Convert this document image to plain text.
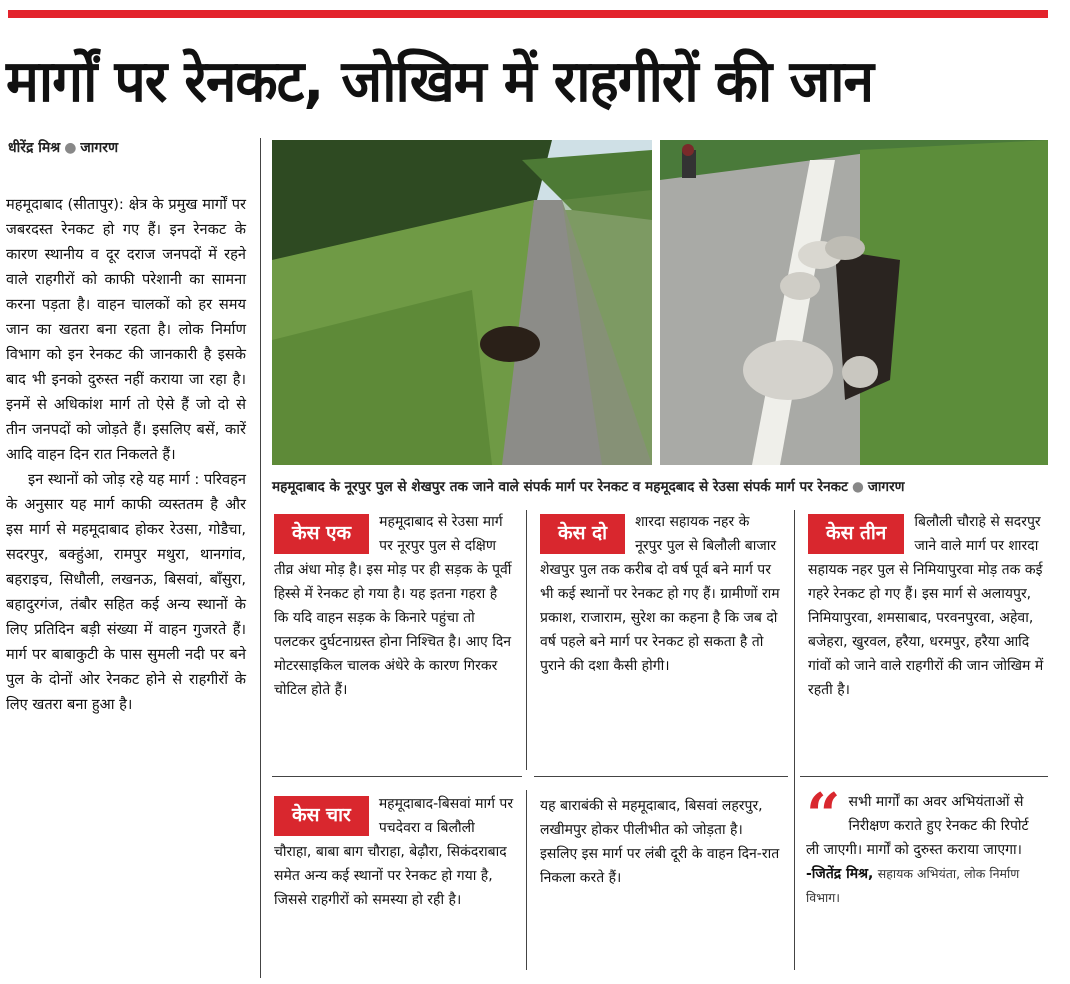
मार्गों पर रेनकट, जोखिम में राहगीरों की जान
धीरेंद्र मिश्र ● जागरण

महमूदाबाद (सीतापुर): क्षेत्र के प्रमुख मार्गों पर जबरदस्त रेनकट हो गए हैं। इन रेनकट के कारण स्थानीय व दूर दराज जनपदों में रहने वाले राहगीरों को काफी परेशानी का सामना करना पड़ता है। वाहन चालकों को हर समय जान का खतरा बना रहता है। लोक निर्माण विभाग को इन रेनकट की जानकारी है इसके बाद भी इनको दुरुस्त नहीं कराया जा रहा है। इनमें से अधिकांश मार्ग तो ऐसे हैं जो दो से तीन जनपदों को जोड़ते हैं। इसलिए बसें, कारें आदि वाहन दिन रात निकलते हैं।

इन स्थानों को जोड़ रहे यह मार्ग : परिवहन के अनुसार यह मार्ग काफी व्यस्ततम है और इस मार्ग से महमूदाबाद होकर रेउसा, गोडैचा, सदरपुर, बक्हुंआ, रामपुर मथुरा, थानगांव, बहराइच, सिधौली, लखनऊ, बिसवां, बाँसुरा, बहादुरगंज, तंबौर सहित कई अन्य स्थानों के लिए प्रतिदिन बड़ी संख्या में वाहन गुजरते हैं। मार्ग पर बाबाकुटी के पास सुमली नदी पर बने पुल के दोनों ओर रेनकट होने से राहगीरों के लिए खतरा बना हुआ है।

महमूदाबाद के नूरपुर पुल से शेखपुर तक जाने वाले संपर्क मार्ग पर रेनकट व महमूदबाद से रेउसा संपर्क मार्ग पर रेनकट ● जागरण
केस एक	महमूदाबाद से रेउसा मार्ग पर नूरपुर पुल से दक्षिण तीव्र अंधा मोड़ है। इस मोड़ पर ही सड़क के पूर्वी हिस्से में रेनकट हो गया है। यह इतना गहरा है कि यदि वाहन सड़क के किनारे पहुंचा तो पलटकर दुर्घटनाग्रस्त होना निश्चित है। आए दिन मोटरसाइकिल चालक अंधेरे के कारण गिरकर चोटिल होते हैं।
केस दो	शारदा सहायक नहर के नूरपुर पुल से बिलौली बाजार शेखपुर पुल तक करीब दो वर्ष पूर्व बने मार्ग पर भी कई स्थानों पर रेनकट हो गए हैं। ग्रामीणों राम प्रकाश, राजाराम, सुरेश का कहना है कि जब दो वर्ष पहले बने मार्ग पर रेनकट हो सकता है तो पुराने की दशा कैसी होगी।
केस तीन	बिलौली चौराहे से सदरपुर जाने वाले मार्ग पर शारदा सहायक नहर पुल से निमियापुरवा मोड़ तक कई गहरे रेनकट हो गए हैं। इस मार्ग से अलायपुर, निमियापुरवा, शमसाबाद, परवनपुरवा, अहेवा, बजेहरा, खुरवल, हरैया, धरमपुर, हरैया आदि गांवों को जाने वाले राहगीरों की जान जोखिम में रहती है।
केस चार	महमूदाबाद-बिसवां मार्ग पर पचदेवरा व बिलौली चौराहा, बाबा बाग चौराहा, बेढ़ौरा, सिकंदराबाद समेत अन्य कई स्थानों पर रेनकट हो गया है, जिससे राहगीरों को समस्या हो रही है।
यह बाराबंकी से महमूदाबाद, बिसवां लहरपुर, लखीमपुर होकर पीलीभीत को जोड़ता है। इसलिए इस मार्ग पर लंबी दूरी के वाहन दिन-रात निकला करते हैं।
“ सभी मार्गों का अवर अभियंताओं से निरीक्षण कराते हुए रेनकट की रिपोर्ट ली जाएगी। मार्गों को दुरुस्त कराया जाएगा।
-जितेंद्र मिश्र, सहायक अभियंता, लोक निर्माण विभाग।
